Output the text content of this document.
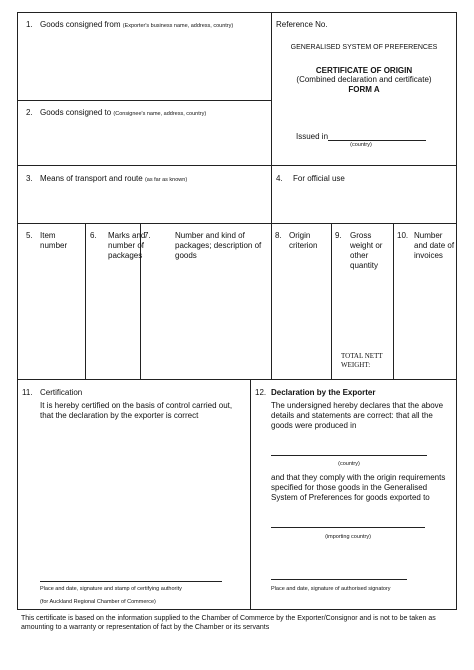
1. Goods consigned from (Exporter's business name, address, country)	Reference No.
GENERALISED SYSTEM OF PREFERENCES
CERTIFICATE OF ORIGIN
(Combined declaration and certificate)
FORM A
Issued in
(country)
2. Goods consigned to (Consignee's name, address, country)
3. Means of transport and route (as far as known)	4. For official use
5. Item number
6. Marks and number of packages
7.	Number and kind of packages; description of goods
8. Origin criterion
9. Gross weight or other quantity
10. Number and date of invoices
TOTAL NETT WEIGHT:
11. Certification
It is hereby certified on the basis of control carried out, that the declaration by the exporter is correct
Place and date, signature and stamp of certifying authority
(for Auckland Regional Chamber of Commerce)
12. Declaration by the Exporter
The undersigned hereby declares that the above details and statements are correct: that all the goods were produced in
(country)
and that they comply with the origin requirements specified for those goods in the Generalised System of Preferences for goods exported to
(importing country)
Place and date, signature of authorised signatory
This certificate is based on the information supplied to the Chamber of Commerce by the Exporter/Consignor and is not to be taken as amounting to a warranty or representation of fact by the Chamber or its servants
